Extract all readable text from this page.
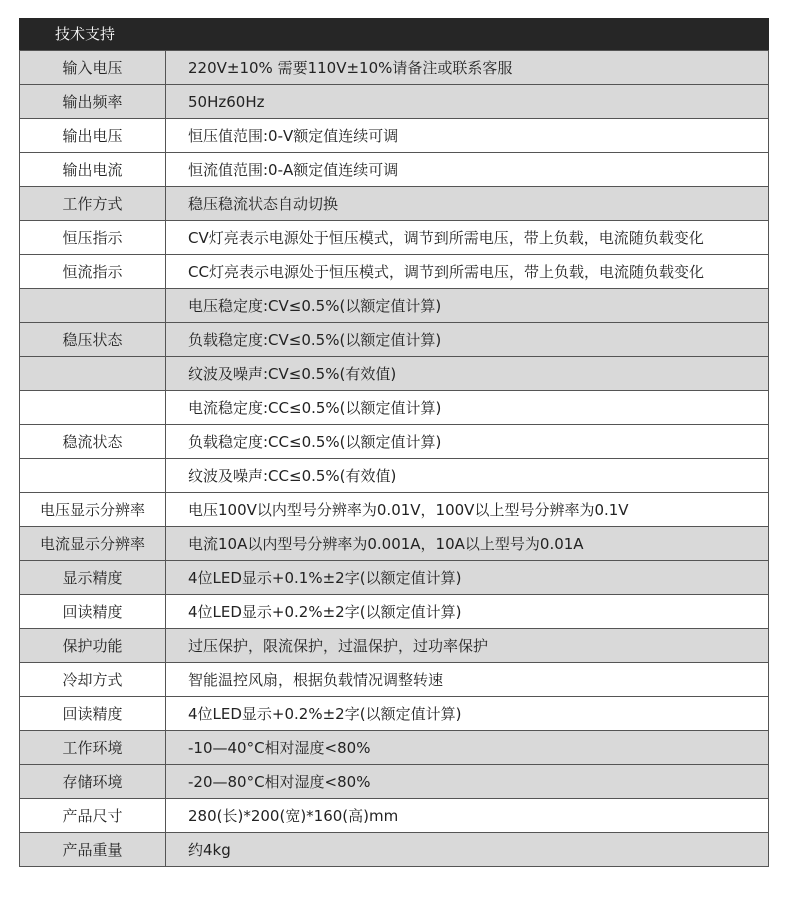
技术支持
输入电压	220V±10% 需要110V±10%请备注或联系客服
输出频率	50Hz60Hz
输出电压	恒压值范围:0-V额定值连续可调
输出电流	恒流值范围:0-A额定值连续可调
工作方式	稳压稳流状态自动切换
恒压指示	CV灯亮表示电源处于恒压模式，调节到所需电压，带上负载，电流随负载变化
恒流指示	CC灯亮表示电源处于恒压模式，调节到所需电压，带上负载，电流随负载变化
	电压稳定度:CV≤0.5%(以额定值计算)
稳压状态	负载稳定度:CV≤0.5%(以额定值计算)
	纹波及噪声:CV≤0.5%(有效值)
	电流稳定度:CC≤0.5%(以额定值计算)
稳流状态	负载稳定度:CC≤0.5%(以额定值计算)
	纹波及噪声:CC≤0.5%(有效值)
电压显示分辨率	电压100V以内型号分辨率为0.01V，100V以上型号分辨率为0.1V
电流显示分辨率	电流10A以内型号分辨率为0.001A，10A以上型号为0.01A
显示精度	4位LED显示+0.1%±2字(以额定值计算)
回读精度	4位LED显示+0.2%±2字(以额定值计算)
保护功能	过压保护，限流保护，过温保护，过功率保护
冷却方式	智能温控风扇，根据负载情况调整转速
回读精度	4位LED显示+0.2%±2字(以额定值计算)
工作环境	-10—40°C相对湿度<80%
存储环境	-20—80°C相对湿度<80%
产品尺寸	280(长)*200(宽)*160(高)mm
产品重量	约4kg
